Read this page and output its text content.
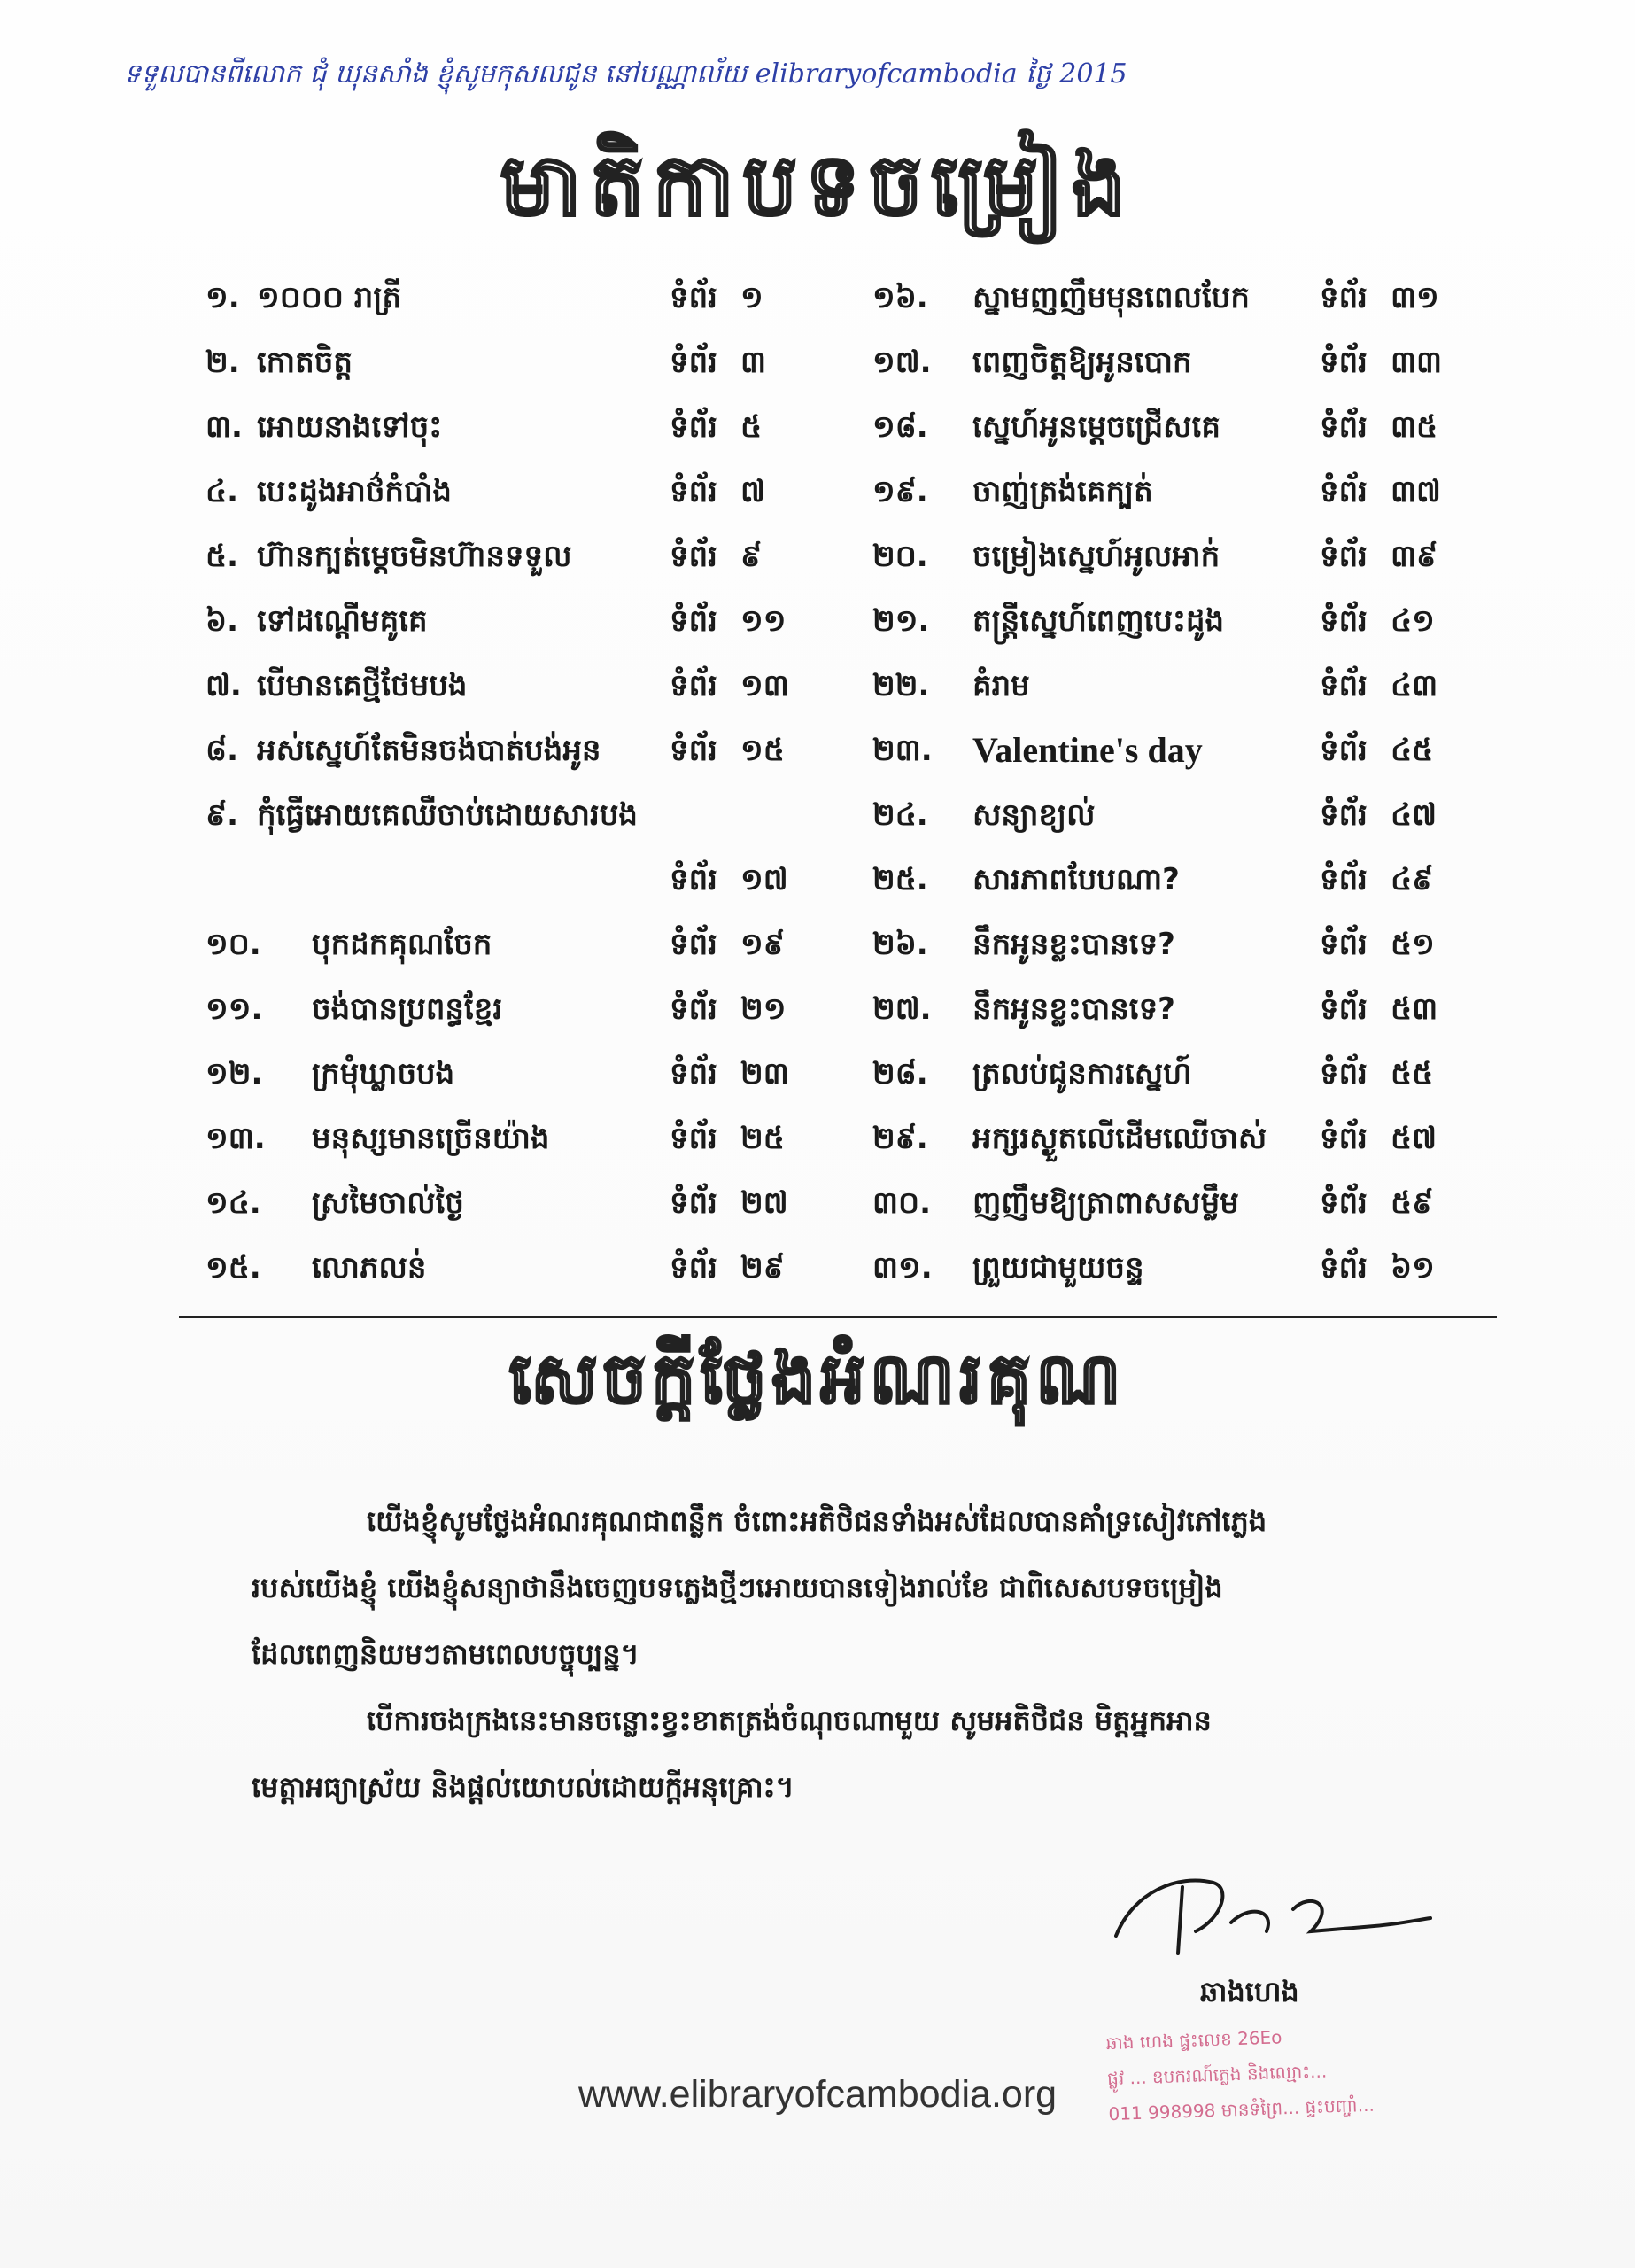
ទទួលបានពីលោក ជុំ ឃុនសាំង ខ្ញុំសូមកុសលជូន នៅបណ្ណាល័យ elibraryofcambodia ថ្ងៃ 2015
មាតិកាបទចម្រៀង
១. ១០០០ រាត្រី	ទំព័រ ១
២. កោតចិត្ត	ទំព័រ ៣
៣. អោយនាងទៅចុះ	ទំព័រ ៥
៤. បេះដូងអាថ៌កំបាំង	ទំព័រ ៧
៥. ហ៊ានក្បត់ម្ដេចមិនហ៊ានទទួល	ទំព័រ ៩
៦. ទៅដណ្ដើមគូគេ	ទំព័រ ១១
៧. បើមានគេថ្មីថែមបង	ទំព័រ ១៣
៨. អស់ស្នេហ៍តែមិនចង់បាត់បង់អូន ទំព័រ ១៥
៩. កុំធ្វើអោយគេឈឺចាប់ដោយសារបង
ទំព័រ ១៧
១០. បុកដកគុណចែក	ទំព័រ ១៩
១១. ចង់បានប្រពន្ធខ្មែរ	ទំព័រ ២១
១២. ក្រមុំឃ្លាចបង	ទំព័រ ២៣
១៣. មនុស្សមានច្រើនយ៉ាង	ទំព័រ ២៥
១៤. ស្រមៃចាល់ថ្ងៃ	ទំព័រ ២៧
១៥. លោភលន់	ទំព័រ ២៩
១៦. ស្នាមញញឹមមុនពេលបែក ទំព័រ ៣១
១៧. ពេញចិត្តឱ្យអូនបោក	ទំព័រ ៣៣
១៨. ស្នេហ៍អូនម្ដេចជ្រើសគេ	ទំព័រ ៣៥
១៩. ចាញ់ត្រង់គេក្បត់	ទំព័រ ៣៧
២០. ចម្រៀងស្នេហ៍អូលអាក់	ទំព័រ ៣៩
២១. តន្ត្រីស្នេហ៍ពេញបេះដូង	ទំព័រ ៤១
២២. គំរាម	ទំព័រ ៤៣
២៣. Valentine's day	ទំព័រ ៤៥
២៤. សន្យាខ្យល់	ទំព័រ ៤៧
២៥. សារភាពបែបណា?	ទំព័រ ៤៩
២៦. នឹកអូនខ្លះបានទេ?	ទំព័រ ៥១
២៧. នឹកអូនខ្លះបានទេ?	ទំព័រ ៥៣
២៨. ត្រលប់ជូនការស្នេហ៍	ទំព័រ ៥៥
២៩. អក្សរស្ងួតលើដើមឈើចាស់ ទំព័រ ៥៧
៣០. ញញឹមឱ្យត្រាពាសសម្លឹម	ទំព័រ ៥៩
៣១. ព្រួយជាមួយចន្ទ	ទំព័រ ៦១
សេចក្ដីថ្លែងអំណរគុណ

យើងខ្ញុំសូមថ្លែងអំណរគុណជាពន្លឹក ចំពោះអតិថិជនទាំងអស់ដែលបានគាំទ្រសៀវភៅភ្លេង

របស់យើងខ្ញុំ យើងខ្ញុំសន្យាថានឹងចេញបទភ្លេងថ្មីៗអោយបានទៀងរាល់ខែ ជាពិសេសបទចម្រៀង

ដែលពេញនិយមៗតាមពេលបច្ចុប្បន្ន។

បើការចងក្រងនេះមានចន្លោះខ្វះខាតត្រង់ចំណុចណាមួយ សូមអតិថិជន មិត្តអ្នកអាន

មេត្តាអធ្យាស្រ័យ និងផ្ដល់យោបល់ដោយក្ដីអនុគ្រោះ។

ឆាងហេង
ឆាង ហេង ផ្ទះលេខ 26Eo
ផ្លូវ ... ឧបករណ៍ភ្លេង និងឈ្មោះ...
011 998998 មានទំព្រៃ... ផ្ទះបញ្ចាំ...
www.elibraryofcambodia.org
